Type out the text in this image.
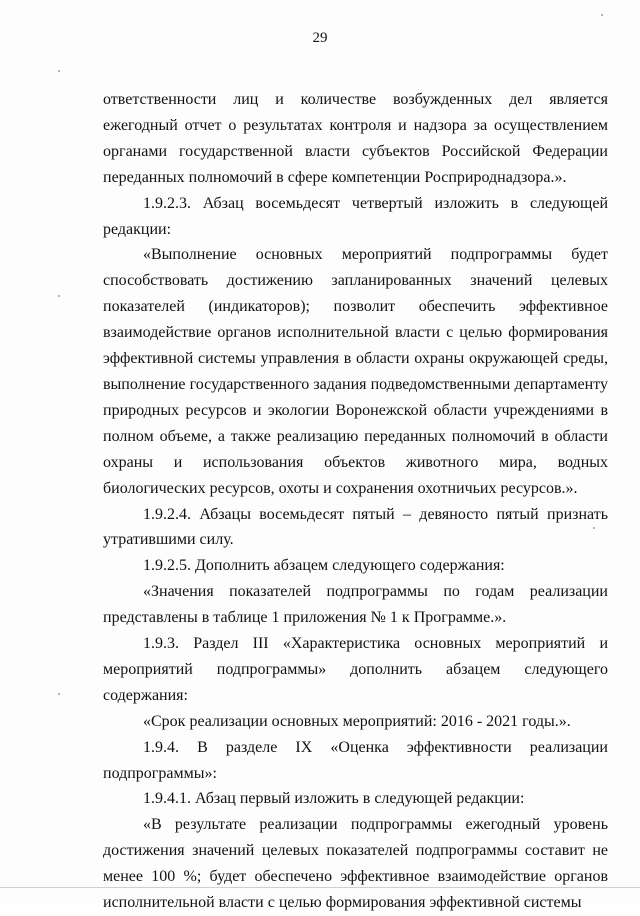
29

ответственности лиц и количестве возбужденных дел является ежегодный отчет о результатах контроля и надзора за осуществлением органами государственной власти субъектов Российской Федерации переданных полномочий в сфере компетенции Росприроднадзора.».

1.9.2.3. Абзац восемьдесят четвертый изложить в следующей редакции:

«Выполнение основных мероприятий подпрограммы будет способствовать достижению запланированных значений целевых показателей (индикаторов); позволит обеспечить эффективное взаимодействие органов исполнительной власти с целью формирования эффективной системы управления в области охраны окружающей среды, выполнение государственного задания подведомственными департаменту природных ресурсов и экологии Воронежской области учреждениями в полном объеме, а также реализацию переданных полномочий в области охраны и использования объектов животного мира, водных биологических ресурсов, охоты и сохранения охотничьих ресурсов.».

1.9.2.4. Абзацы восемьдесят пятый – девяносто пятый признать утратившими силу.

1.9.2.5. Дополнить абзацем следующего содержания:

«Значения показателей подпрограммы по годам реализации представлены в таблице 1 приложения № 1 к Программе.».

1.9.3. Раздел III «Характеристика основных мероприятий и мероприятий подпрограммы» дополнить абзацем следующего содержания:

«Срок реализации основных мероприятий: 2016 - 2021 годы.».

1.9.4. В разделе IX «Оценка эффективности реализации подпрограммы»:

1.9.4.1. Абзац первый изложить в следующей редакции:

«В результате реализации подпрограммы ежегодный уровень достижения значений целевых показателей подпрограммы составит не менее 100 %; будет обеспечено эффективное взаимодействие органов исполнительной власти с целью формирования эффективной системы
